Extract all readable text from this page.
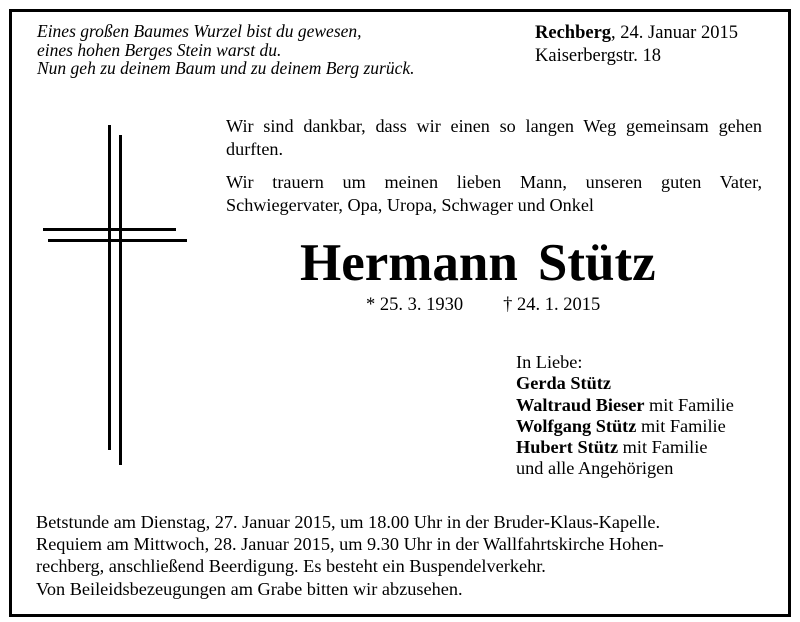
Eines großen Baumes Wurzel bist du gewesen,
eines hohen Berges Stein warst du.
Nun geh zu deinem Baum und zu deinem Berg zurück.
Rechberg, 24. Januar 2015
Kaiserbergstr. 18

Wir sind dankbar, dass wir einen so langen Weg gemeinsam gehen durften.

Wir trauern um meinen lieben Mann, unseren guten Vater, Schwiegervater, Opa, Uropa, Schwager und Onkel

Hermann Stütz
* 25. 3. 1930 † 24. 1. 2015
In Liebe:
Gerda Stütz
Waltraud Bieser mit Familie
Wolfgang Stütz mit Familie
Hubert Stütz mit Familie
und alle Angehörigen
Betstunde am Dienstag, 27. Januar 2015, um 18.00 Uhr in der Bruder-Klaus-Kapelle.
Requiem am Mittwoch, 28. Januar 2015, um 9.30 Uhr in der Wallfahrtskirche Hohen-
rechberg, anschließend Beerdigung. Es besteht ein Buspendelverkehr.
Von Beileidsbezeugungen am Grabe bitten wir abzusehen.
